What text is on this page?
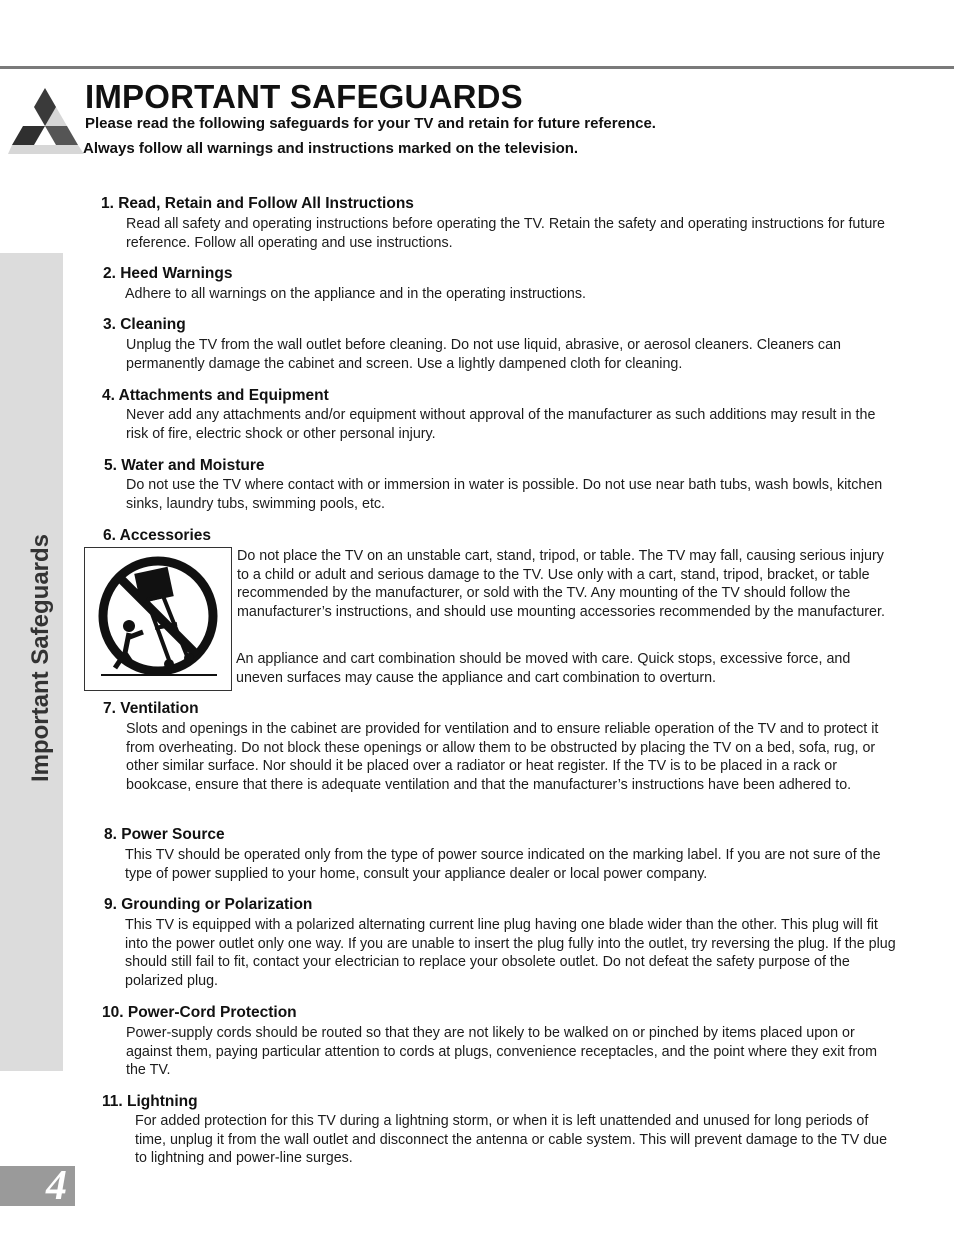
IMPORTANT SAFEGUARDS
Please read the following safeguards for your TV and retain for future reference.
Always follow all warnings and instructions marked on the television.
Important Safeguards
4
1. Read, Retain and Follow All Instructions
Read all safety and operating instructions before operating the TV. Retain the safety and operating instructions for future reference. Follow all operating and use instructions.
2. Heed Warnings
Adhere to all warnings on the appliance and in the operating instructions.
3. Cleaning
Unplug the TV from the wall outlet before cleaning. Do not use liquid, abrasive, or aerosol cleaners. Cleaners can permanently damage the cabinet and screen. Use a lightly dampened cloth for cleaning.
4. Attachments and Equipment
Never add any attachments and/or equipment without approval of the manufacturer as such additions may result in the risk of fire, electric shock or other personal injury.
5. Water and Moisture
Do not use the TV where contact with or immersion in water is possible. Do not use near bath tubs, wash bowls, kitchen sinks, laundry tubs, swimming pools, etc.
6. Accessories
Do not place the TV on an unstable cart, stand, tripod, or table. The TV may fall, causing serious injury to a child or adult and serious damage to the TV. Use only with a cart, stand, tripod, bracket, or table recommended by the manufacturer, or sold with the TV. Any mounting of the TV should follow the manufacturer’s instructions, and should use mounting accessories recommended by the manufacturer.
An appliance and cart combination should be moved with care. Quick stops, excessive force, and uneven surfaces may cause the appliance and cart combination to overturn.
7. Ventilation
Slots and openings in the cabinet are provided for ventilation and to ensure reliable operation of the TV and to protect it from overheating. Do not block these openings or allow them to be obstructed by placing the TV on a bed, sofa, rug, or other similar surface. Nor should it be placed over a radiator or heat register. If the TV is to be placed in a rack or bookcase, ensure that there is adequate ventilation and that the manufacturer’s instructions have been adhered to.
8. Power Source
This TV should be operated only from the type of power source indicated on the marking label. If you are not sure of the type of power supplied to your home, consult your appliance dealer or local power company.
9. Grounding or Polarization
This TV is equipped with a polarized alternating current line plug having one blade wider than the other. This plug will fit into the power outlet only one way. If you are unable to insert the plug fully into the outlet, try reversing the plug. If the plug should still fail to fit, contact your electrician to replace your obsolete outlet. Do not defeat the safety purpose of the polarized plug.
10. Power-Cord Protection
Power-supply cords should be routed so that they are not likely to be walked on or pinched by items placed upon or against them, paying particular attention to cords at plugs, convenience receptacles, and the point where they exit from the TV.
11. Lightning
For added protection for this TV during a lightning storm, or when it is left unattended and unused for long periods of time, unplug it from the wall outlet and disconnect the antenna or cable system. This will prevent damage to the TV due to lightning and power-line surges.
